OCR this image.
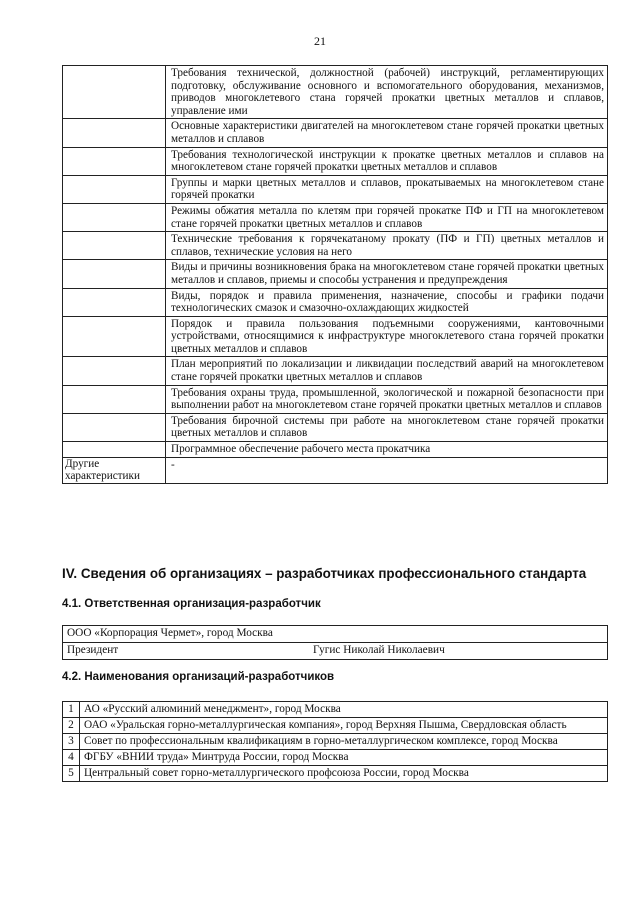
21
	Требования технической, должностной (рабочей) инструкций, регламентирующих подготовку, обслуживание основного и вспомогательного оборудования, механизмов, приводов многоклетевого стана горячей прокатки цветных металлов и сплавов, управление ими
	Основные характеристики двигателей на многоклетевом стане горячей прокатки цветных металлов и сплавов
	Требования технологической инструкции к прокатке цветных металлов и сплавов на многоклетевом стане горячей прокатки цветных металлов и сплавов
	Группы и марки цветных металлов и сплавов, прокатываемых на многоклетевом стане горячей прокатки
	Режимы обжатия металла по клетям при горячей прокатке ПФ и ГП на многоклетевом стане горячей прокатки цветных металлов и сплавов
	Технические требования к горячекатаному прокату (ПФ и ГП) цветных металлов и сплавов, технические условия на него
	Виды и причины возникновения брака на многоклетевом стане горячей прокатки цветных металлов и сплавов, приемы и способы устранения и предупреждения
	Виды, порядок и правила применения, назначение, способы и графики подачи технологических смазок и смазочно-охлаждающих жидкостей
	Порядок и правила пользования подъемными сооружениями, кантовочными устройствами, относящимися к инфраструктуре многоклетевого стана горячей прокатки цветных металлов и сплавов
	План мероприятий по локализации и ликвидации последствий аварий на многоклетевом стане горячей прокатки цветных металлов и сплавов
	Требования охраны труда, промышленной, экологической и пожарной безопасности при выполнении работ на многоклетевом стане горячей прокатки цветных металлов и сплавов
	Требования бирочной системы при работе на многоклетевом стане горячей прокатки цветных металлов и сплавов
	Программное обеспечение рабочего места прокатчика
Другие характеристики	-
IV. Сведения об организациях – разработчиках профессионального стандарта
4.1. Ответственная организация-разработчик
ООО «Корпорация Чермет», город Москва
Президент	Гугис Николай Николаевич
4.2. Наименования организаций-разработчиков
1	АО «Русский алюминий менеджмент», город Москва
2	ОАО «Уральская горно-металлургическая компания», город Верхняя Пышма, Свердловская область
3	Совет по профессиональным квалификациям в горно-металлургическом комплексе, город Москва
4	ФГБУ «ВНИИ труда» Минтруда России, город Москва
5	Центральный совет горно-металлургического профсоюза России, город Москва
